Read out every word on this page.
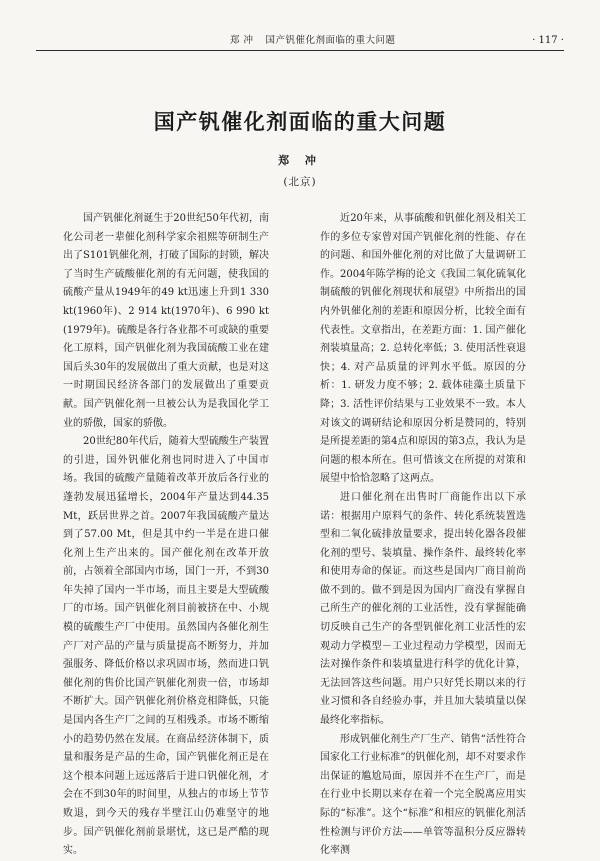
郑 冲 国产钒催化剂面临的重大问题	· 117 ·
国产钒催化剂面临的重大问题
郑 冲
(北京)

国产钒催化剂诞生于20世纪50年代初，南化公司老一辈催化剂科学家余祖熙等研制生产出了S101钒催化剂，打破了国际的封锁，解决了当时生产硫酸催化剂的有无问题，使我国的硫酸产量从1949年的49 kt迅速上升到1 330 kt(1960年)、2 914 kt(1970年)、6 990 kt(1979年)。硫酸是各行各业都不可或缺的重要化工原料，国产钒催化剂为我国硫酸工业在建国后头30年的发展做出了重大贡献，也是对这一时期国民经济各部门的发展做出了重要贡献。国产钒催化剂一旦被公认为是我国化学工业的骄傲，国家的骄傲。

20世纪80年代后，随着大型硫酸生产装置的引进，国外钒催化剂也同时进入了中国市场。我国的硫酸产量随着改革开放后各行业的蓬勃发展迅猛增长，2004年产量达到44.35 Mt，跃居世界之首。2007年我国硫酸产量达到了57.00 Mt，但是其中约一半是在进口催化剂上生产出来的。国产催化剂在改革开放前，占领着全部国内市场，国门一开，不到30年失掉了国内一半市场，而且主要是大型硫酸厂的市场。国产钒催化剂目前被挤在中、小规模的硫酸生产厂中使用。虽然国内各催化剂生产厂对产品的产量与质量提高不断努力，并加强服务、降低价格以求巩固市场，然而进口钒催化剂的售价比国产钒催化剂贵一倍，市场却不断扩大。国产钒催化剂价格竞相降低，只能是国内各生产厂之间的互相残杀。市场不断缩小的趋势仍然在发展。在商品经济体制下，质量和服务是产品的生命，国产钒催化剂正是在这个根本问题上远远落后于进口钒催化剂，才会在不到30年的时间里，从独占的市场上节节败退，到今天的残存半壁江山仍难坚守的地步。国产钒催化剂前景堪忧，这已是严酷的现实。

近20年来，从事硫酸和钒催化剂及相关工作的多位专家曾对国产钒催化剂的性能、存在的问题、和国外催化剂的对比做了大量调研工作。2004年陈学梅的论文《我国二氧化硫氧化制硫酸的钒催化剂现状和展望》中所指出的国内外钒催化剂的差距和原因分析，比较全面有代表性。文章指出，在差距方面：1. 国产催化剂装填量高；2. 总转化率低；3. 使用活性衰退快；4. 对产品质量的评判水平低。原因的分析：1. 研发力度不够；2. 载体硅藻土质量下降；3. 活性评价结果与工业效果不一致。本人对该文的调研结论和原因分析是赞同的，特别是所提差距的第4点和原因的第3点，我认为是问题的根本所在。但可惜该文在所提的对策和展望中恰恰忽略了这两点。

进口催化剂在出售时厂商能作出以下承诺：根据用户原料气的条件、转化系统装置选型和二氧化硫排放量要求，提出转化器各段催化剂的型号、装填量、操作条件、最终转化率和使用寿命的保证。而这些是国内厂商目前尚做不到的。做不到是因为国内厂商没有掌握自己所生产的催化剂的工业活性，没有掌握能确切反映自己生产的各型钒催化剂工业活性的宏观动力学模型－工业过程动力学模型，因而无法对操作条件和装填量进行科学的优化计算，无法回答这些问题。用户只好凭长期以来的行业习惯和各自经验办事，并且加大装填量以保最终化率指标。

形成钒催化剂生产厂生产、销售“活性符合国家化工行业标准”的钒催化剂，却不对要求作出保证的尴尬局面，原因并不在生产厂，而是在行业中长期以来存在着一个完全脱离应用实际的“标准”。这个“标准”和相应的钒催化剂活性检测与评价方法——单管等温积分反应器转化率测
